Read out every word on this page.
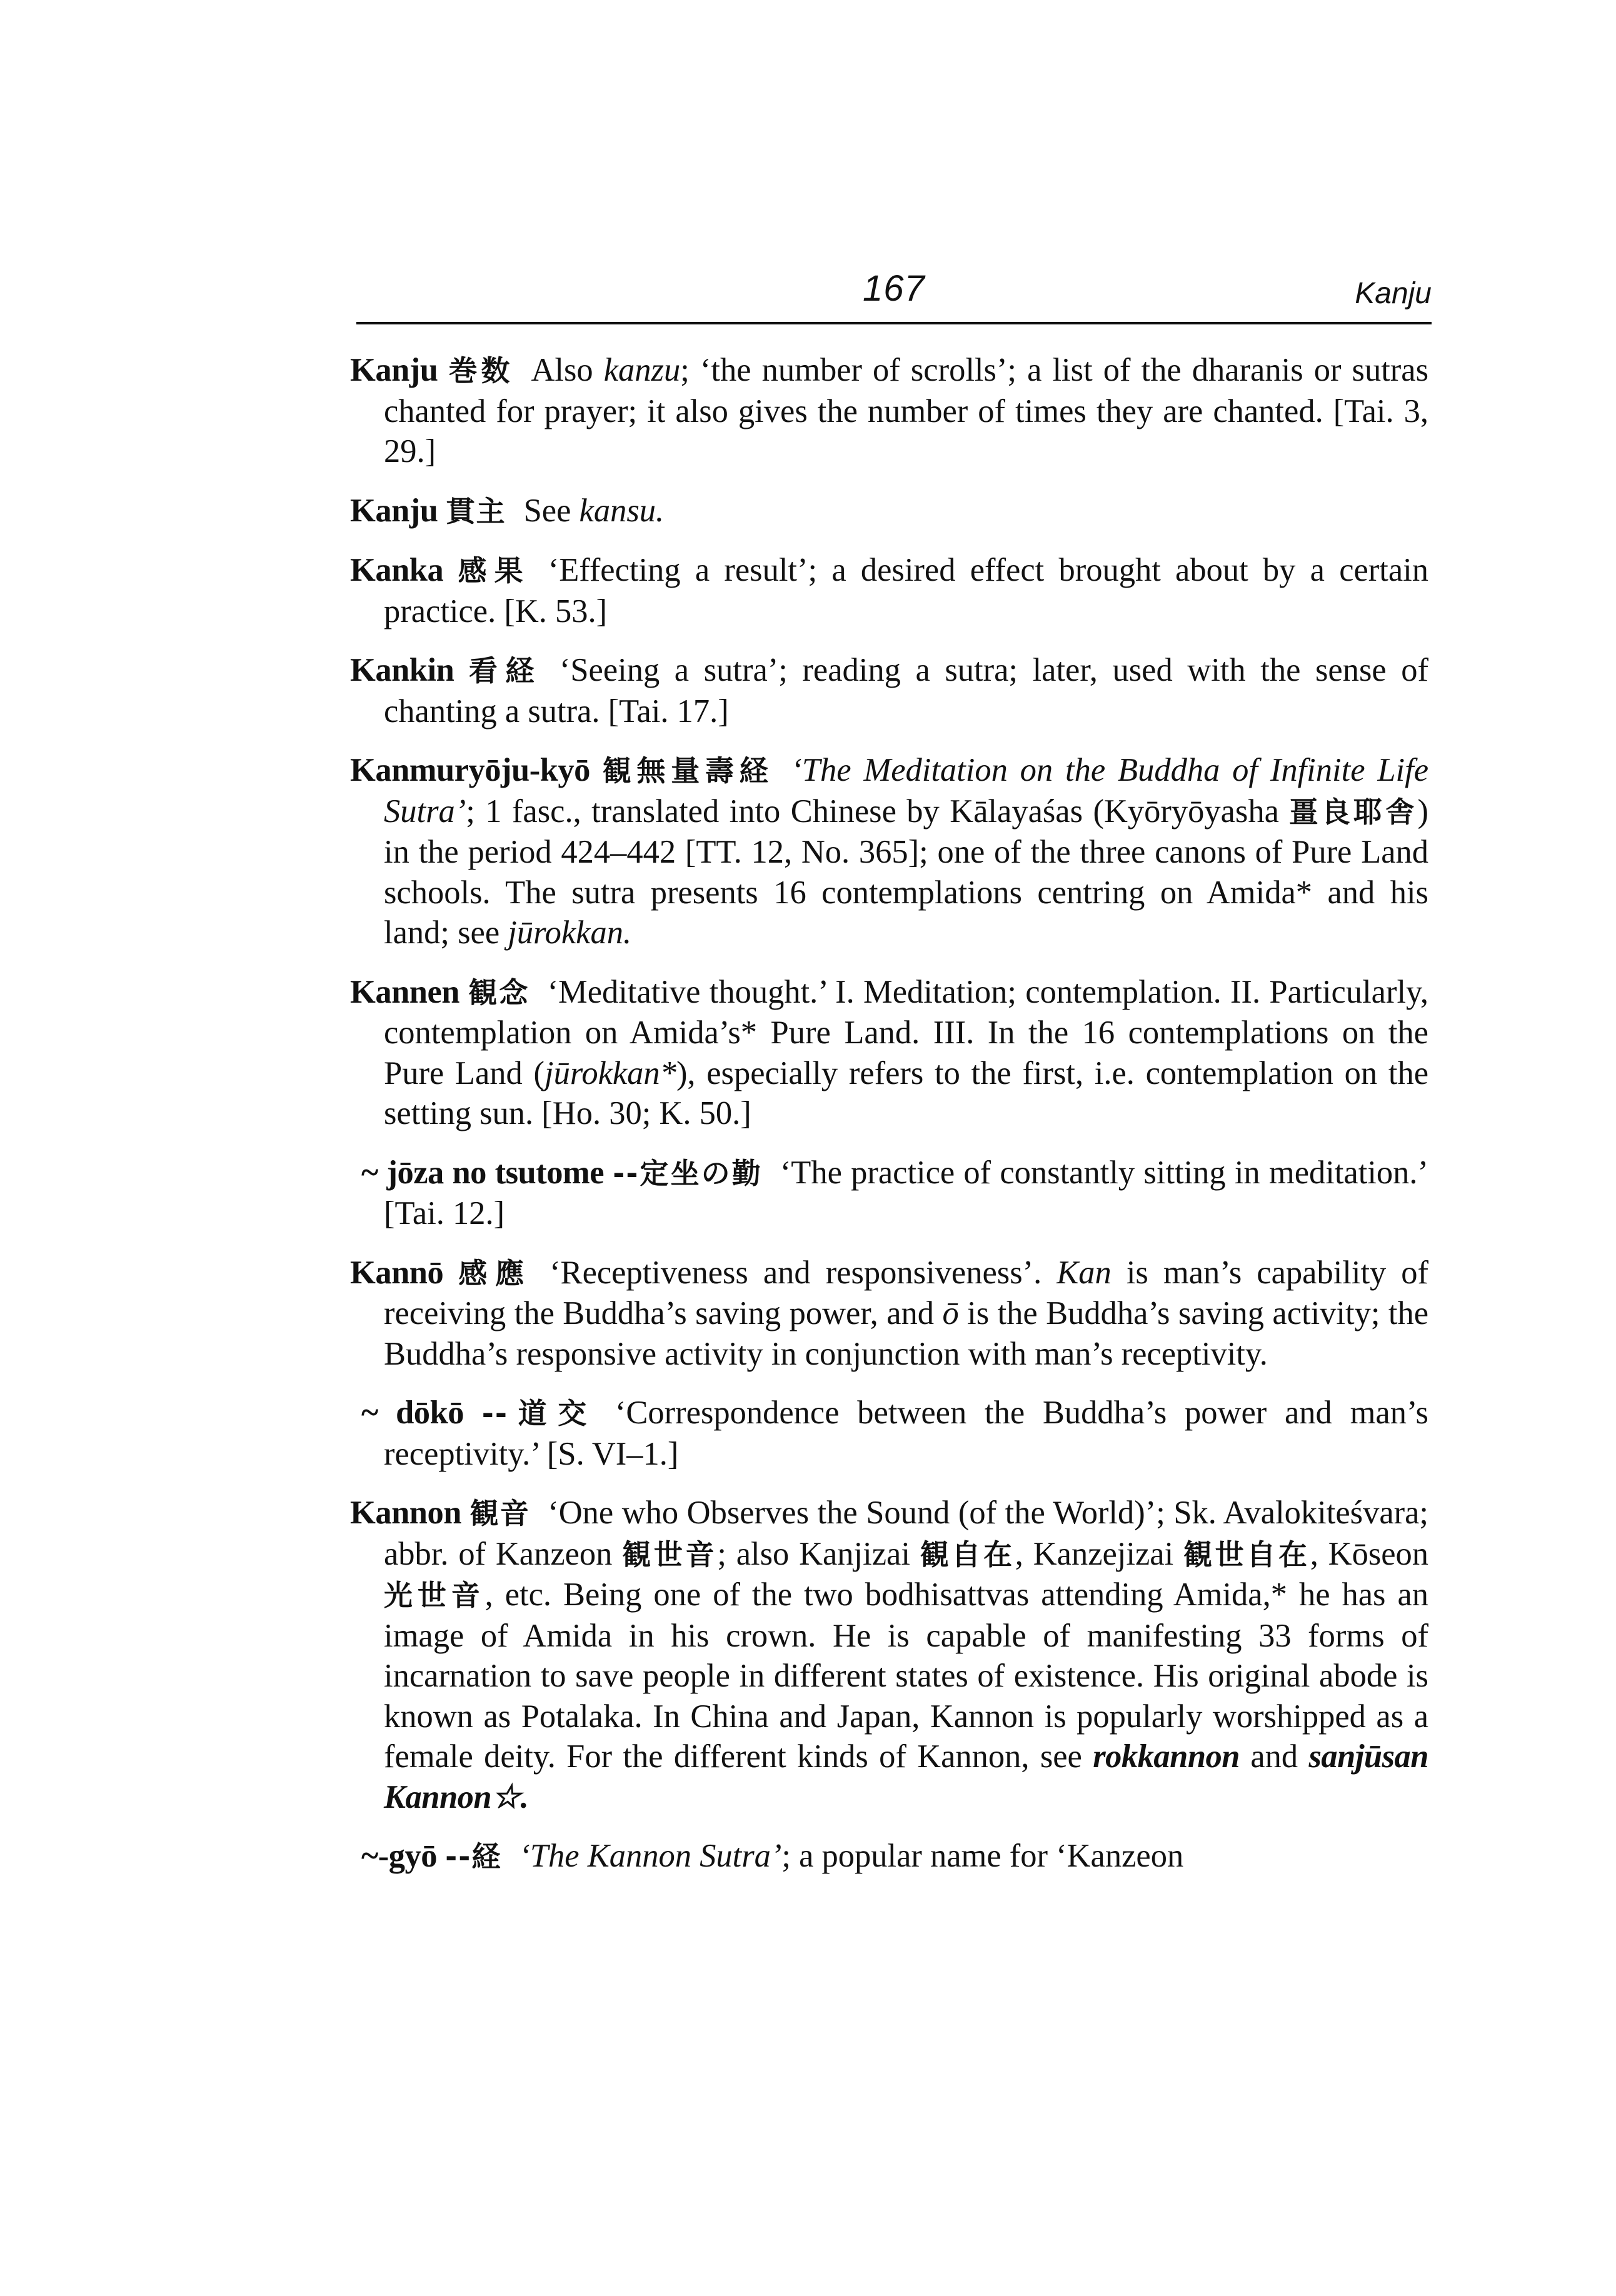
167	Kanju

Kanju 巻数 Also kanzu; ‘the number of scrolls’; a list of the dharanis or sutras chanted for prayer; it also gives the number of times they are chanted. [Tai. 3, 29.]

Kanju 貫主 See kansu.

Kanka 感果 ‘Effecting a result’; a desired effect brought about by a certain practice. [K. 53.]

Kankin 看経 ‘Seeing a sutra’; reading a sutra; later, used with the sense of chanting a sutra. [Tai. 17.]

Kanmuryōju-kyō 観無量壽経 ‘The Meditation on the Buddha of Infinite Life Sutra’; 1 fasc., translated into Chinese by Kālayaśas (Kyōryōyasha 畺良耶舎) in the period 424–442 [TT. 12, No. 365]; one of the three canons of Pure Land schools. The sutra presents 16 contemplations centring on Amida* and his land; see jūrokkan.

Kannen 観念 ‘Meditative thought.’ I. Meditation; contemplation. II. Particularly, contemplation on Amida’s* Pure Land. III. In the 16 contemplations on the Pure Land (jūrokkan*), especially refers to the first, i.e. contemplation on the setting sun. [Ho. 30; K. 50.]

~ jōza no tsutome --定坐の勤 ‘The practice of constantly sitting in meditation.’ [Tai. 12.]

Kannō 感應 ‘Receptiveness and responsiveness’. Kan is man’s capability of receiving the Buddha’s saving power, and ō is the Buddha’s saving activity; the Buddha’s responsive activity in conjunction with man’s receptivity.

~ dōkō --道交 ‘Correspondence between the Buddha’s power and man’s receptivity.’ [S. VI–1.]

Kannon 観音 ‘One who Observes the Sound (of the World)’; Sk. Avalokiteśvara; abbr. of Kanzeon 観世音; also Kanjizai 観自在, Kanzejizai 観世自在, Kōseon 光世音, etc. Being one of the two bodhisattvas attending Amida,* he has an image of Amida in his crown. He is capable of manifesting 33 forms of incarnation to save people in different states of existence. His original abode is known as Potalaka. In China and Japan, Kannon is popularly worshipped as a female deity. For the different kinds of Kannon, see rokkannon and sanjūsan Kannon☆.

~-gyō --経 ‘The Kannon Sutra’; a popular name for ‘Kanzeon
